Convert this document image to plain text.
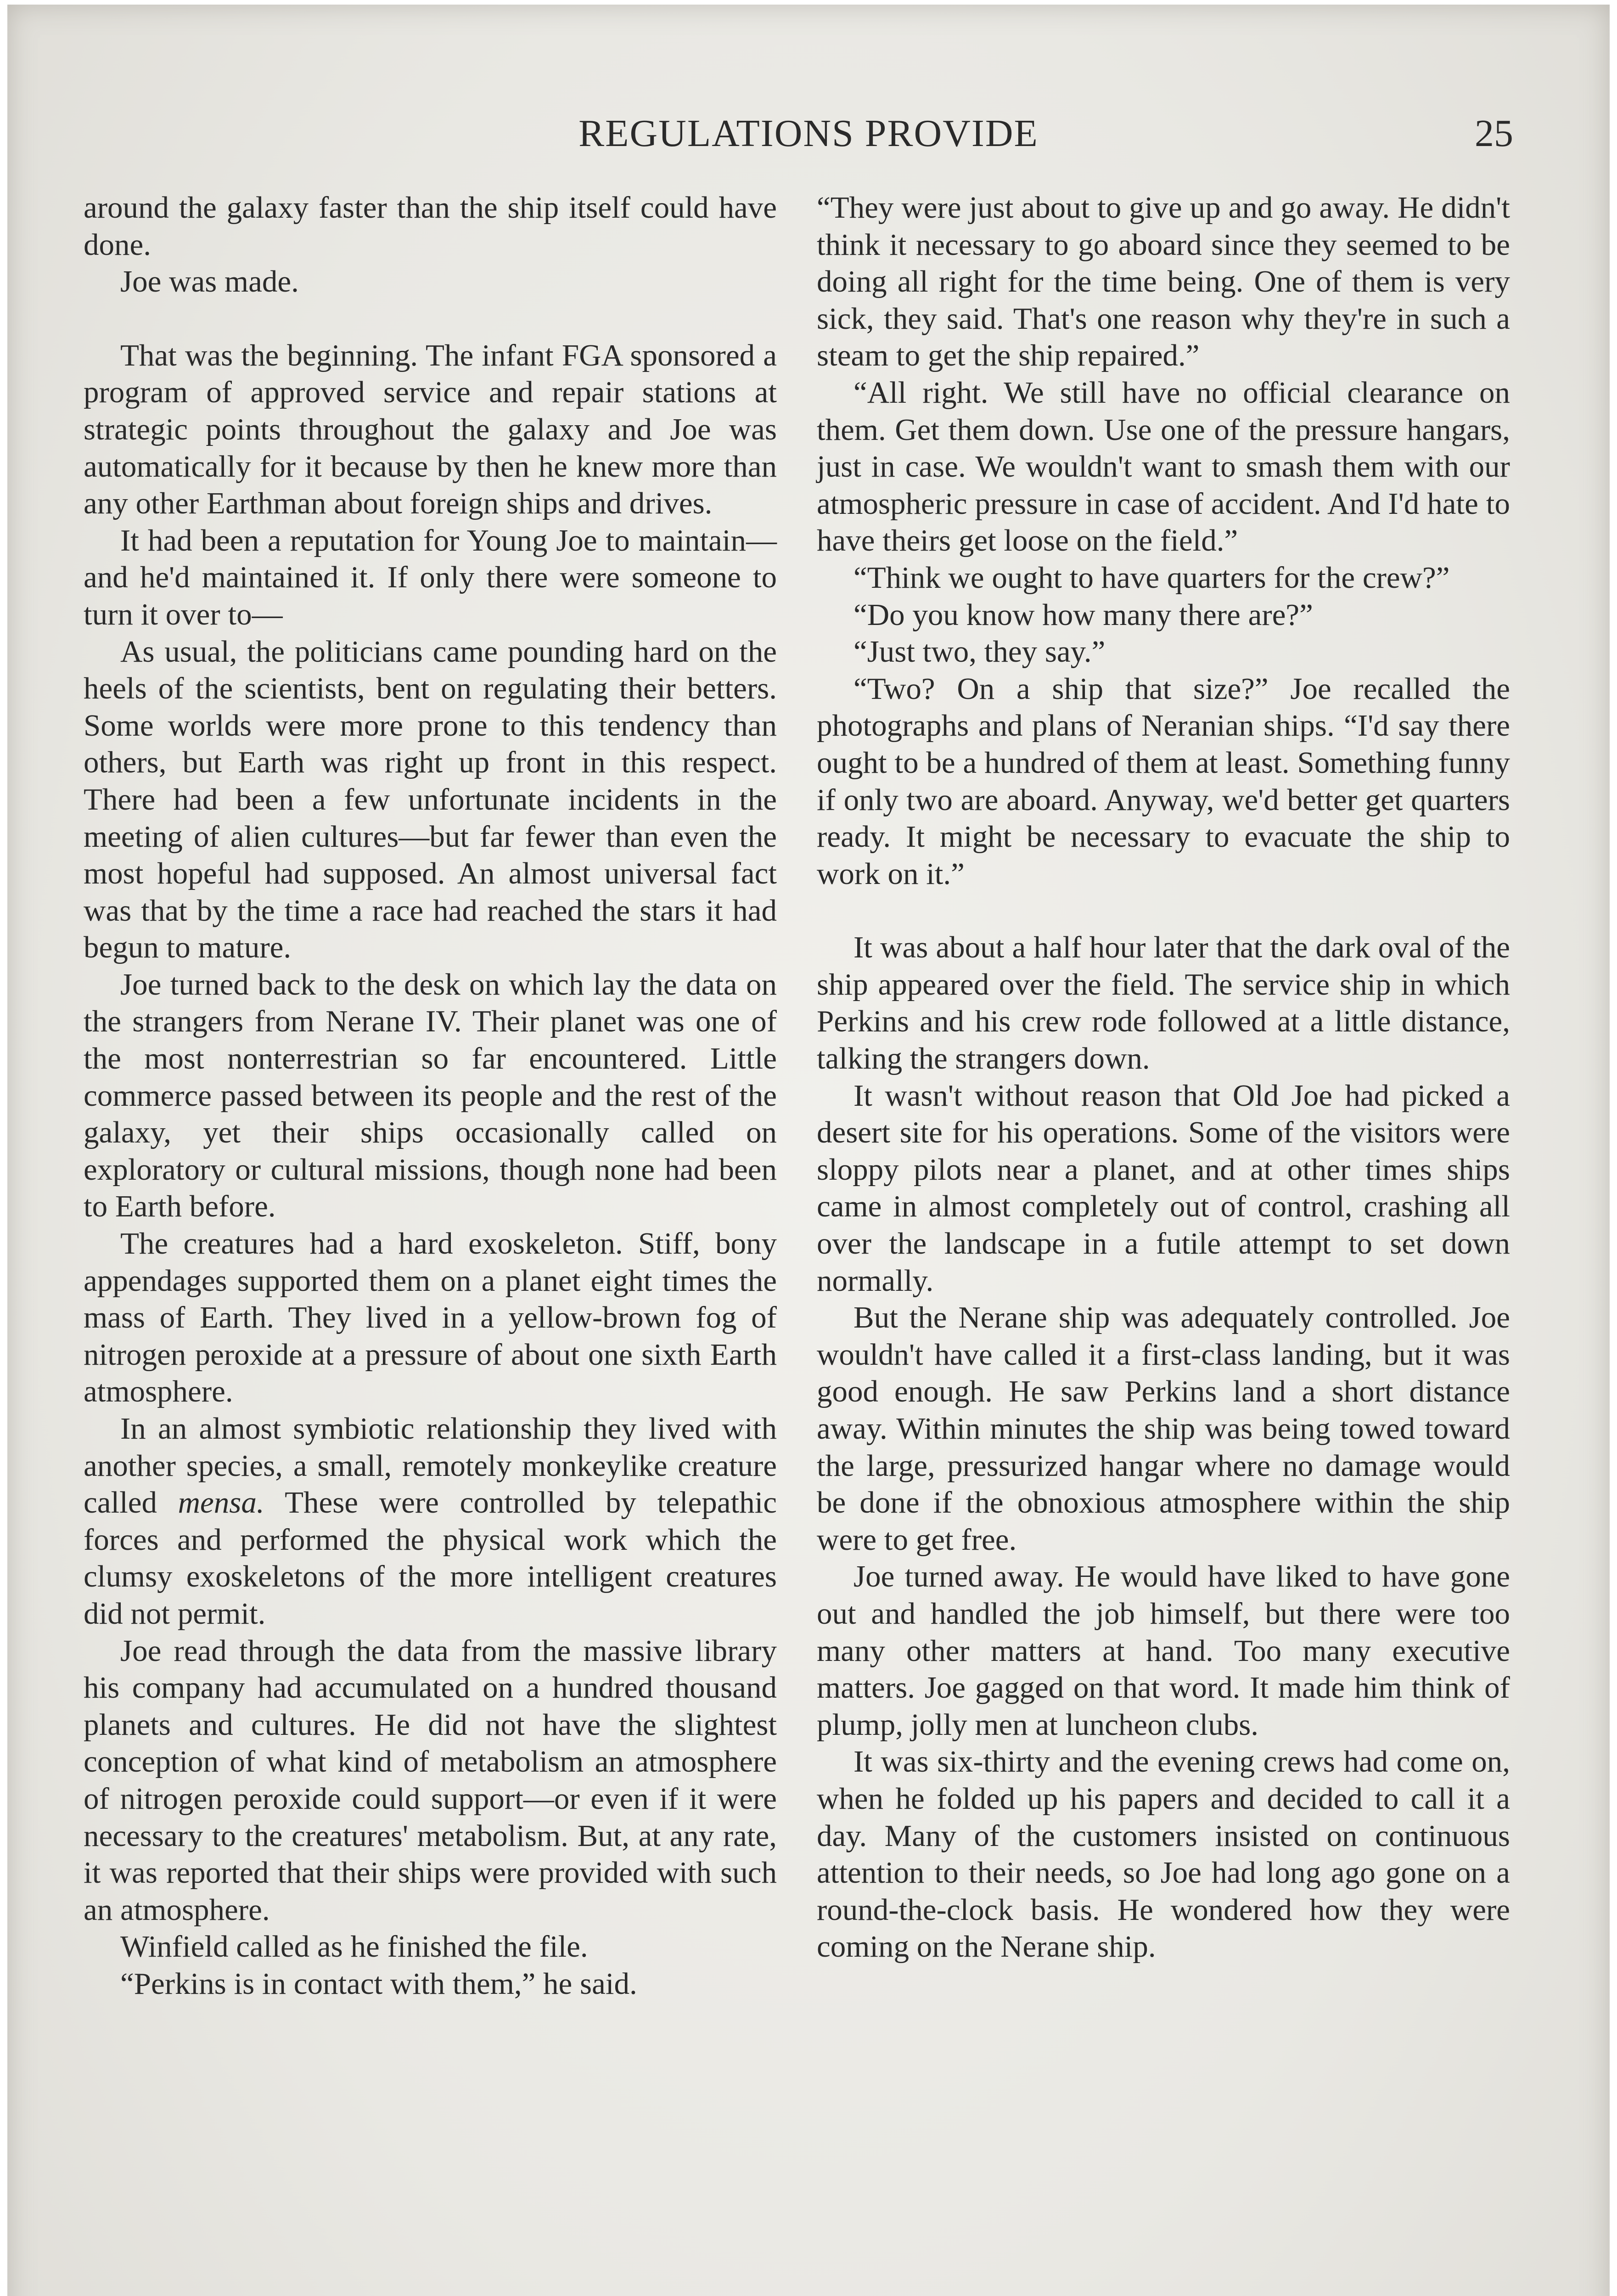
REGULATIONS PROVIDE	25

around the galaxy faster than the ship itself could have done.

Joe was made.

That was the beginning. The infant FGA sponsored a program of approved service and repair stations at strategic points throughout the galaxy and Joe was automatically for it because by then he knew more than any other Earthman about foreign ships and drives.

It had been a reputation for Young Joe to maintain—and he'd maintained it. If only there were someone to turn it over to—

As usual, the politicians came pounding hard on the heels of the scientists, bent on regulating their betters. Some worlds were more prone to this tendency than others, but Earth was right up front in this respect. There had been a few unfortunate incidents in the meeting of alien cultures—but far fewer than even the most hopeful had supposed. An almost universal fact was that by the time a race had reached the stars it had begun to mature.

Joe turned back to the desk on which lay the data on the strangers from Nerane IV. Their planet was one of the most nonterrestrian so far encountered. Little commerce passed between its people and the rest of the galaxy, yet their ships occasionally called on exploratory or cultural missions, though none had been to Earth before.

The creatures had a hard exoskeleton. Stiff, bony appendages supported them on a planet eight times the mass of Earth. They lived in a yellow-brown fog of nitrogen peroxide at a pressure of about one sixth Earth atmosphere.

In an almost symbiotic relationship they lived with another species, a small, remotely monkeylike creature called mensa. These were controlled by telepathic forces and performed the physical work which the clumsy exoskeletons of the more intelligent creatures did not permit.

Joe read through the data from the massive library his company had accumulated on a hundred thousand planets and cultures. He did not have the slightest conception of what kind of metabolism an atmosphere of nitrogen peroxide could support—or even if it were necessary to the creatures' metabolism. But, at any rate, it was reported that their ships were provided with such an atmosphere.

Winfield called as he finished the file.

“Perkins is in contact with them,” he said.

“They were just about to give up and go away. He didn't think it necessary to go aboard since they seemed to be doing all right for the time being. One of them is very sick, they said. That's one reason why they're in such a steam to get the ship repaired.”

“All right. We still have no official clearance on them. Get them down. Use one of the pressure hangars, just in case. We wouldn't want to smash them with our atmospheric pressure in case of accident. And I'd hate to have theirs get loose on the field.”

“Think we ought to have quarters for the crew?”

“Do you know how many there are?”

“Just two, they say.”

“Two? On a ship that size?” Joe recalled the photographs and plans of Neranian ships. “I'd say there ought to be a hundred of them at least. Something funny if only two are aboard. Anyway, we'd better get quarters ready. It might be necessary to evacuate the ship to work on it.”

It was about a half hour later that the dark oval of the ship appeared over the field. The service ship in which Perkins and his crew rode followed at a little distance, talking the strangers down.

It wasn't without reason that Old Joe had picked a desert site for his operations. Some of the visitors were sloppy pilots near a planet, and at other times ships came in almost completely out of control, crashing all over the landscape in a futile attempt to set down normally.

But the Nerane ship was adequately controlled. Joe wouldn't have called it a first-class landing, but it was good enough. He saw Perkins land a short distance away. Within minutes the ship was being towed toward the large, pressurized hangar where no damage would be done if the obnoxious atmosphere within the ship were to get free.

Joe turned away. He would have liked to have gone out and handled the job himself, but there were too many other matters at hand. Too many executive matters. Joe gagged on that word. It made him think of plump, jolly men at luncheon clubs.

It was six-thirty and the evening crews had come on, when he folded up his papers and decided to call it a day. Many of the customers insisted on continuous attention to their needs, so Joe had long ago gone on a round-the-clock basis. He wondered how they were coming on the Nerane ship.
